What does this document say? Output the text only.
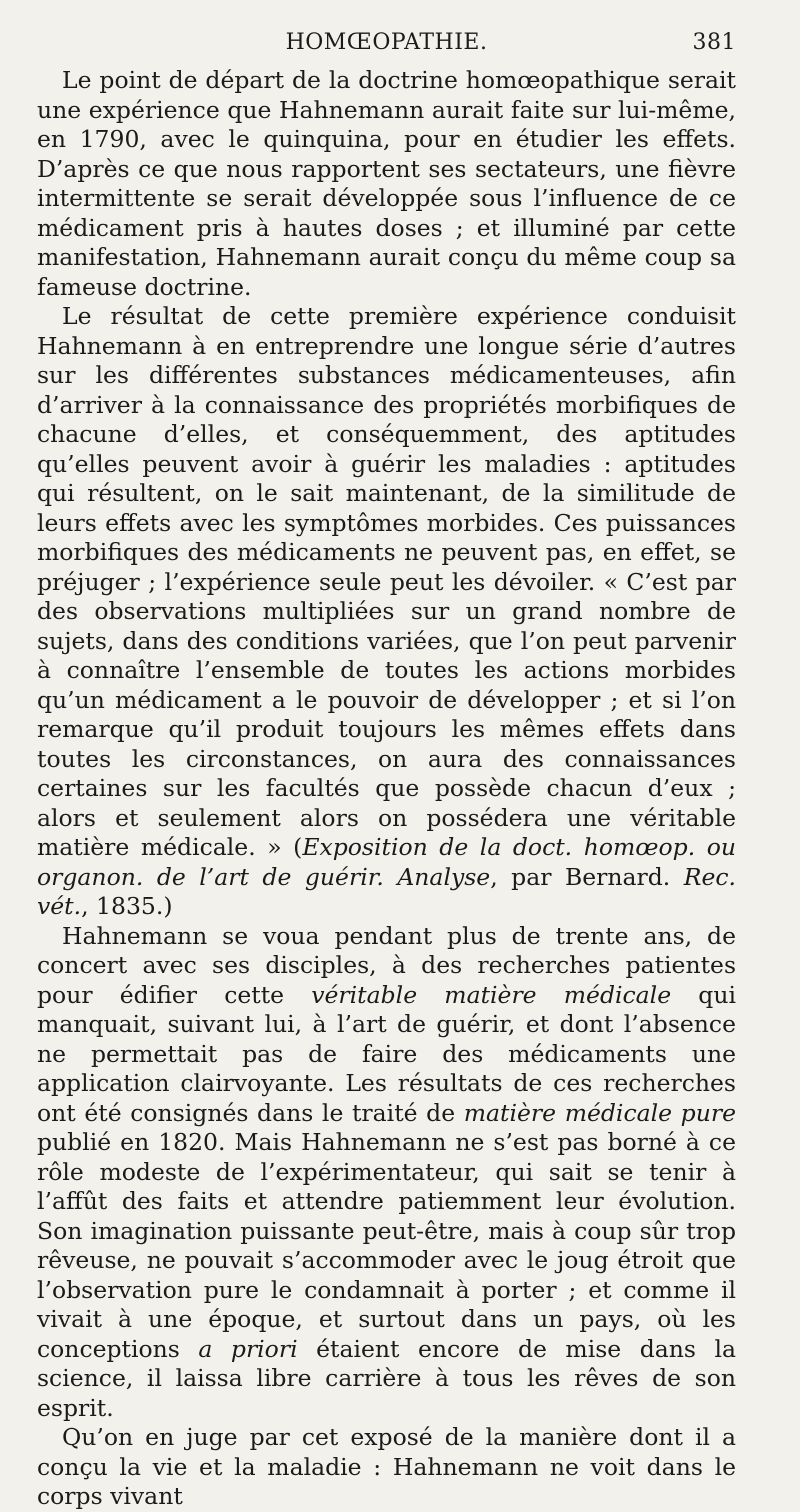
HOMŒOPATHIE.	381

Le point de départ de la doctrine homœopathique serait une expérience que Hahnemann aurait faite sur lui-même, en 1790, avec le quinquina, pour en étudier les effets. D’après ce que nous rapportent ses sectateurs, une fièvre intermittente se serait développée sous l’influence de ce médicament pris à hautes doses ; et illuminé par cette manifestation, Hahnemann aurait conçu du même coup sa fameuse doctrine.

Le résultat de cette première expérience conduisit Hahnemann à en entreprendre une longue série d’autres sur les différentes substances médicamenteuses, afin d’arriver à la connaissance des propriétés morbifiques de chacune d’elles, et conséquemment, des aptitudes qu’elles peuvent avoir à guérir les maladies : aptitudes qui résultent, on le sait maintenant, de la similitude de leurs effets avec les symptômes morbides. Ces puissances morbifiques des médicaments ne peuvent pas, en effet, se préjuger ; l’expérience seule peut les dévoiler. « C’est par des observations multipliées sur un grand nombre de sujets, dans des conditions variées, que l’on peut parvenir à connaître l’ensemble de toutes les actions morbides qu’un médicament a le pouvoir de développer ; et si l’on remarque qu’il produit toujours les mêmes effets dans toutes les circonstances, on aura des connaissances certaines sur les facultés que possède chacun d’eux ; alors et seulement alors on possédera une véritable matière médicale. » (Exposition de la doct. homœop. ou organon. de l’art de guérir. Analyse, par Bernard. Rec. vét., 1835.)

Hahnemann se voua pendant plus de trente ans, de concert avec ses disciples, à des recherches patientes pour édifier cette véritable matière médicale qui manquait, suivant lui, à l’art de guérir, et dont l’absence ne permettait pas de faire des médicaments une application clairvoyante. Les résultats de ces recherches ont été consignés dans le traité de matière médicale pure publié en 1820. Mais Hahnemann ne s’est pas borné à ce rôle modeste de l’expérimentateur, qui sait se tenir à l’affût des faits et attendre patiemment leur évolution. Son imagination puissante peut-être, mais à coup sûr trop rêveuse, ne pouvait s’accommoder avec le joug étroit que l’observation pure le condamnait à porter ; et comme il vivait à une époque, et surtout dans un pays, où les conceptions a priori étaient encore de mise dans la science, il laissa libre carrière à tous les rêves de son esprit.

Qu’on en juge par cet exposé de la manière dont il a conçu la vie et la maladie : Hahnemann ne voit dans le corps vivant
